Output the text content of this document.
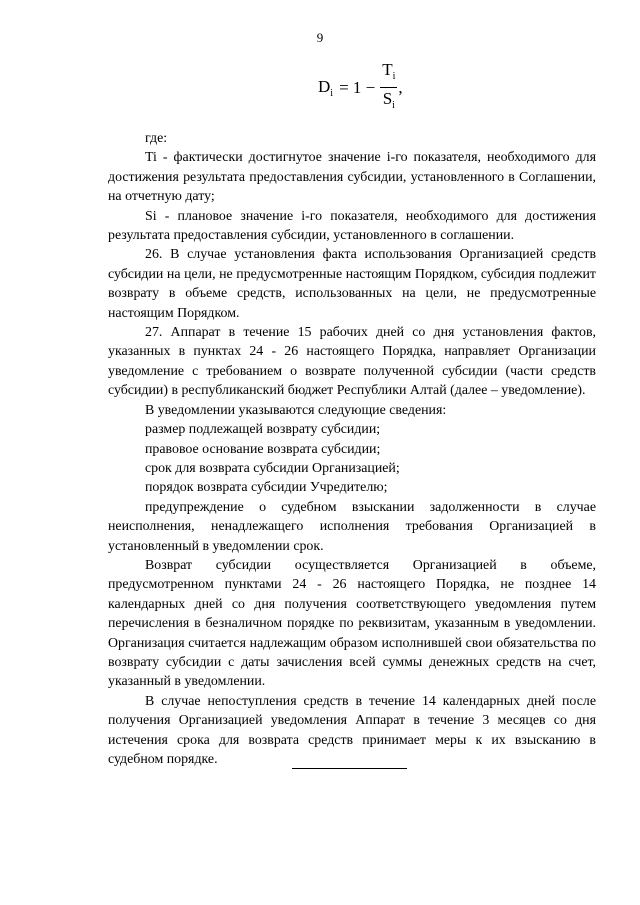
9
$D_i = 1 - \frac{T_i}{S_i}$ ,

где:

Ti - фактически достигнутое значение i-го показателя, необходимого для достижения результата предоставления субсидии, установленного в Соглашении, на отчетную дату;

Si - плановое значение i-го показателя, необходимого для достижения результата предоставления субсидии, установленного в соглашении.

26. В случае установления факта использования Организацией средств субсидии на цели, не предусмотренные настоящим Порядком, субсидия подлежит возврату в объеме средств, использованных на цели, не предусмотренные настоящим Порядком.

27. Аппарат в течение 15 рабочих дней со дня установления фактов, указанных в пунктах 24 - 26 настоящего Порядка, направляет Организации уведомление с требованием о возврате полученной субсидии (части средств субсидии) в республиканский бюджет Республики Алтай (далее – уведомление).

В уведомлении указываются следующие сведения:

размер подлежащей возврату субсидии;

правовое основание возврата субсидии;

срок для возврата субсидии Организацией;

порядок возврата субсидии Учредителю;

предупреждение о судебном взыскании задолженности в случае неисполнения, ненадлежащего исполнения требования Организацией в установленный в уведомлении срок.

Возврат субсидии осуществляется Организацией в объеме, предусмотренном пунктами 24 - 26 настоящего Порядка, не позднее 14 календарных дней со дня получения соответствующего уведомления путем перечисления в безналичном порядке по реквизитам, указанным в уведомлении. Организация считается надлежащим образом исполнившей свои обязательства по возврату субсидии с даты зачисления всей суммы денежных средств на счет, указанный в уведомлении.

В случае непоступления средств в течение 14 календарных дней после получения Организацией уведомления Аппарат в течение 3 месяцев со дня истечения срока для возврата средств принимает меры к их взысканию в судебном порядке.
